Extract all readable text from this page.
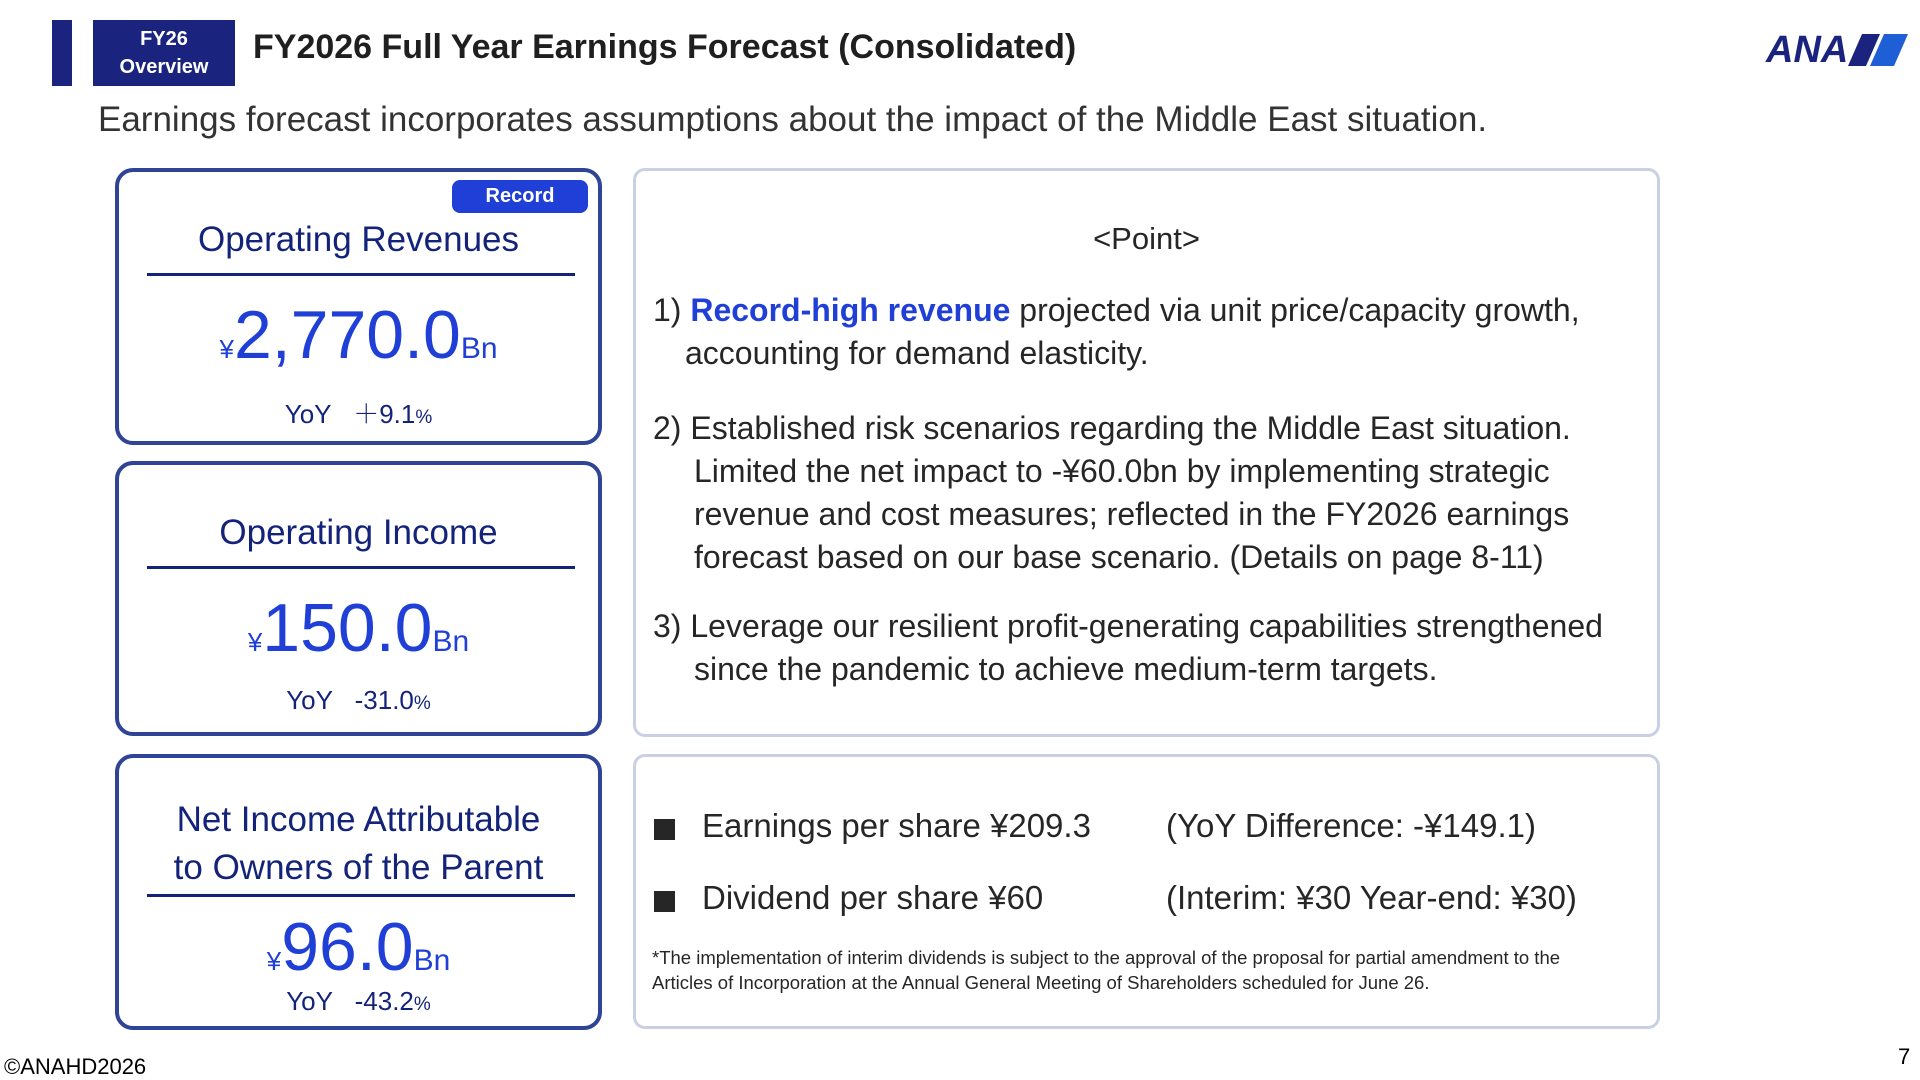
FY26
Overview
FY2026 Full Year Earnings Forecast (Consolidated)	ANA
Earnings forecast incorporates assumptions about the impact of the Middle East situation.
Record
Operating Revenues
¥2,770.0Bn
YoY ＋9.1%
Operating Income
¥150.0Bn
YoY -31.0%
Net Income Attributable
to Owners of the Parent
¥96.0Bn
YoY -43.2%
<Point>
1) Record-high revenue projected via unit price/capacity growth,
accounting for demand elasticity.
2) Established risk scenarios regarding the Middle East situation.
Limited the net impact to -¥60.0bn by implementing strategic
revenue and cost measures; reflected in the FY2026 earnings
forecast based on our base scenario. (Details on page 8-11)
3) Leverage our resilient profit-generating capabilities strengthened
since the pandemic to achieve medium-term targets.
Earnings per share ¥209.3 (YoY Difference: -¥149.1)
Dividend per share ¥60	(Interim: ¥30 Year-end: ¥30)
*The implementation of interim dividends is subject to the approval of the proposal for partial amendment to the
Articles of Incorporation at the Annual General Meeting of Shareholders scheduled for June 26.
©ANAHD2026	7
